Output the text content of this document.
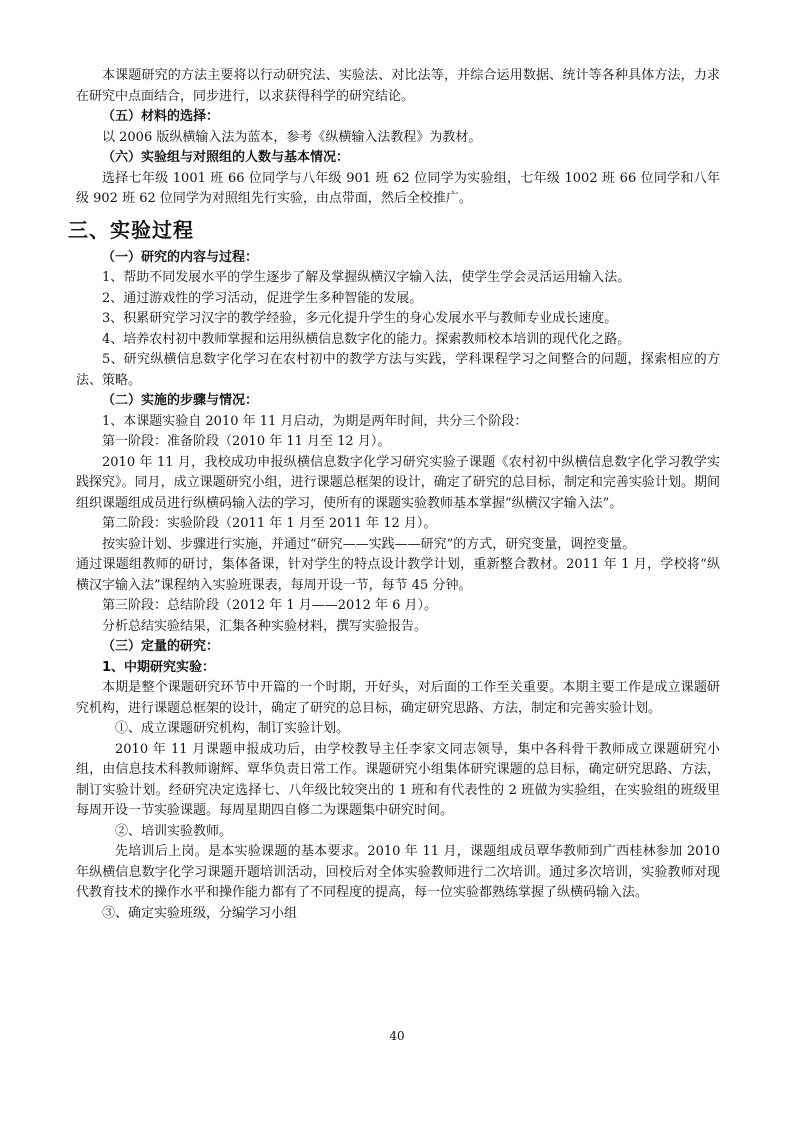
本课题研究的方法主要将以行动研究法、实验法、对比法等，并综合运用数据、统计等各种具体方法，力求在研究中点面结合，同步进行，以求获得科学的研究结论。

（五）材料的选择：

以 2006 版纵横输入法为蓝本，参考《纵横输入法教程》为教材。

（六）实验组与对照组的人数与基本情况：

选择七年级 1001 班 66 位同学与八年级 901 班 62 位同学为实验组，七年级 1002 班 66 位同学和八年级 902 班 62 位同学为对照组先行实验，由点带面，然后全校推广。

三、实验过程
（一）研究的内容与过程：

1、帮助不同发展水平的学生逐步了解及掌握纵横汉字输入法，使学生学会灵活运用输入法。

2、通过游戏性的学习活动，促进学生多种智能的发展。

3、积累研究学习汉字的教学经验，多元化提升学生的身心发展水平与教师专业成长速度。

4、培养农村初中教师掌握和运用纵横信息数字化的能力。探索教师校本培训的现代化之路。

5、研究纵横信息数字化学习在农村初中的教学方法与实践，学科课程学习之间整合的问题，探索相应的方法、策略。

（二）实施的步骤与情况：

1、本课题实验自 2010 年 11 月启动，为期是两年时间，共分三个阶段：

第一阶段：准备阶段（2010 年 11 月至 12 月）。

2010 年 11 月，我校成功申报纵横信息数字化学习研究实验子课题《农村初中纵横信息数字化学习教学实践探究》。同月，成立课题研究小组，进行课题总框架的设计，确定了研究的总目标，制定和完善实验计划。期间组织课题组成员进行纵横码输入法的学习，使所有的课题实验教师基本掌握“纵横汉字输入法”。

第二阶段：实验阶段（2011 年 1 月至 2011 年 12 月）。

按实验计划、步骤进行实施，并通过“研究——实践——研究”的方式，研究变量，调控变量。

通过课题组教师的研讨，集体备课，针对学生的特点设计教学计划，重新整合教材。2011 年 1 月，学校将“纵横汉字输入法”课程纳入实验班课表，每周开设一节，每节 45 分钟。

第三阶段：总结阶段（2012 年 1 月——2012 年 6 月）。

分析总结实验结果，汇集各种实验材料，撰写实验报告。

（三）定量的研究：
1、中期研究实验：

本期是整个课题研究环节中开篇的一个时期，开好头，对后面的工作至关重要。本期主要工作是成立课题研究机构，进行课题总框架的设计，确定了研究的总目标，确定研究思路、方法，制定和完善实验计划。

①、成立课题研究机构，制订实验计划。

2010 年 11 月课题申报成功后，由学校教导主任李家文同志领导，集中各科骨干教师成立课题研究小组，由信息技术科教师谢辉、覃华负责日常工作。课题研究小组集体研究课题的总目标，确定研究思路、方法，制订实验计划。经研究决定选择七、八年级比较突出的 1 班和有代表性的 2 班做为实验组，在实验组的班级里每周开设一节实验课题。每周星期四自修二为课题集中研究时间。

②、培训实验教师。

先培训后上岗。是本实验课题的基本要求。2010 年 11 月，课题组成员覃华教师到广西桂林参加 2010 年纵横信息数字化学习课题开题培训活动，回校后对全体实验教师进行二次培训。通过多次培训，实验教师对现代教育技术的操作水平和操作能力都有了不同程度的提高，每一位实验都熟练掌握了纵横码输入法。

③、确定实验班级，分编学习小组

40
